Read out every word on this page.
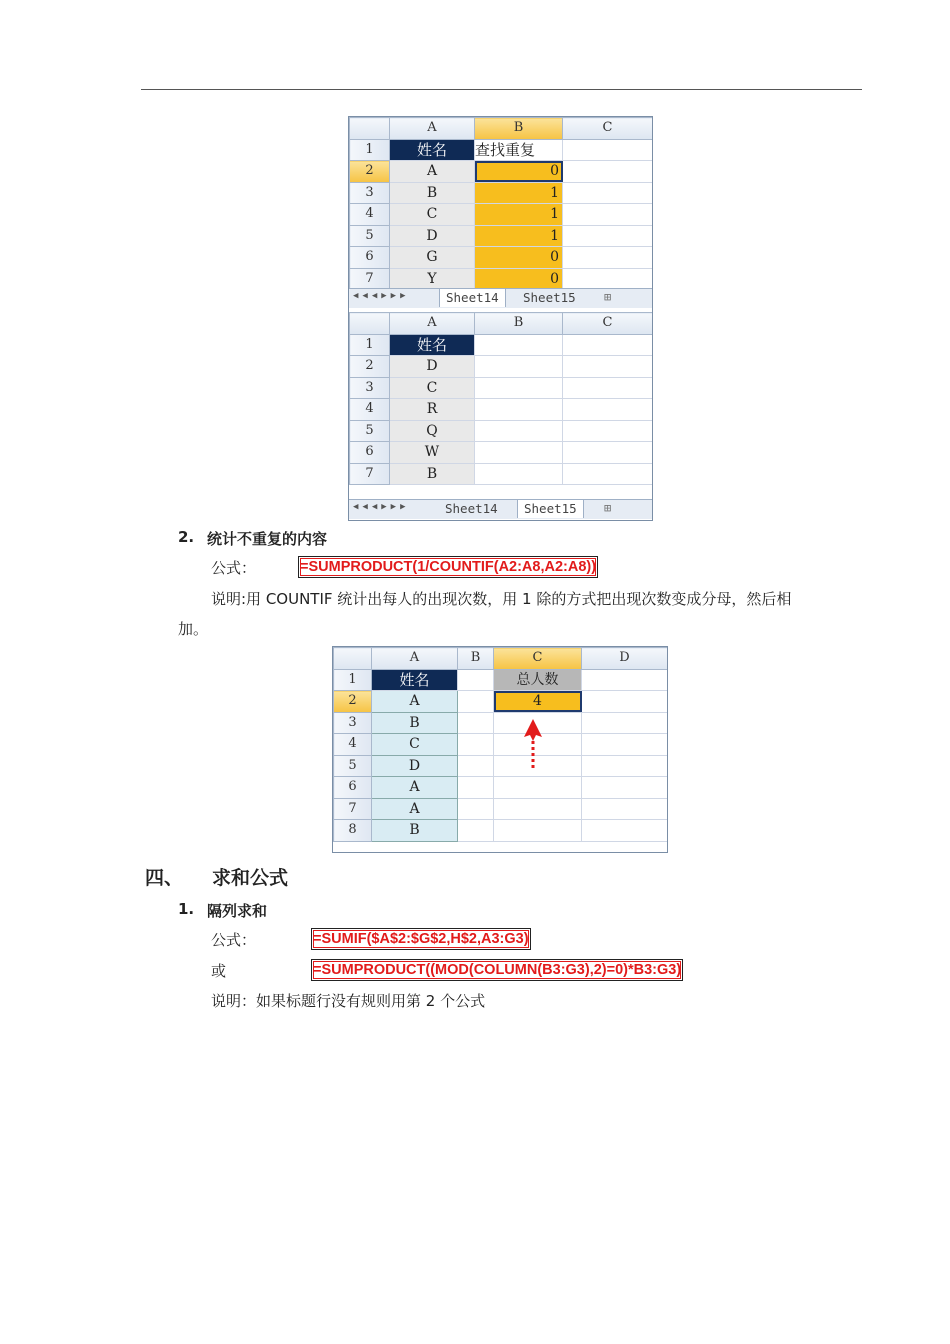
	A	B	C
1	姓名	查找重复	
2	A	0	
3	B	1	
4	C	1	
5	D	1	
6	G	0	
7	Y	0	
◀◀◀▶▶▶	Sheet14	Sheet15	⊞
	A	B	C
1	姓名		
2	D		
3	C		
4	R		
5	Q		
6	W		
7	B		
◀◀◀▶▶▶	Sheet14	Sheet15	⊞
2. 统计不重复的内容
公式：	=SUMPRODUCT(1/COUNTIF(A2:A8,A2:A8))
说明:用 COUNTIF 统计出每人的出现次数，用 1 除的方式把出现次数变成分母，然后相
加。
	A	B	C	D
1	姓名		总人数	
2	A		4	
3	B			
4	C			
5	D			
6	A			
7	A			
8	B			
四、 求和公式
1. 隔列求和
公式：	=SUMIF($A$2:$G$2,H$2,A3:G3)
或	=SUMPRODUCT((MOD(COLUMN(B3:G3),2)=0)*B3:G3)
说明：如果标题行没有规则用第 2 个公式
